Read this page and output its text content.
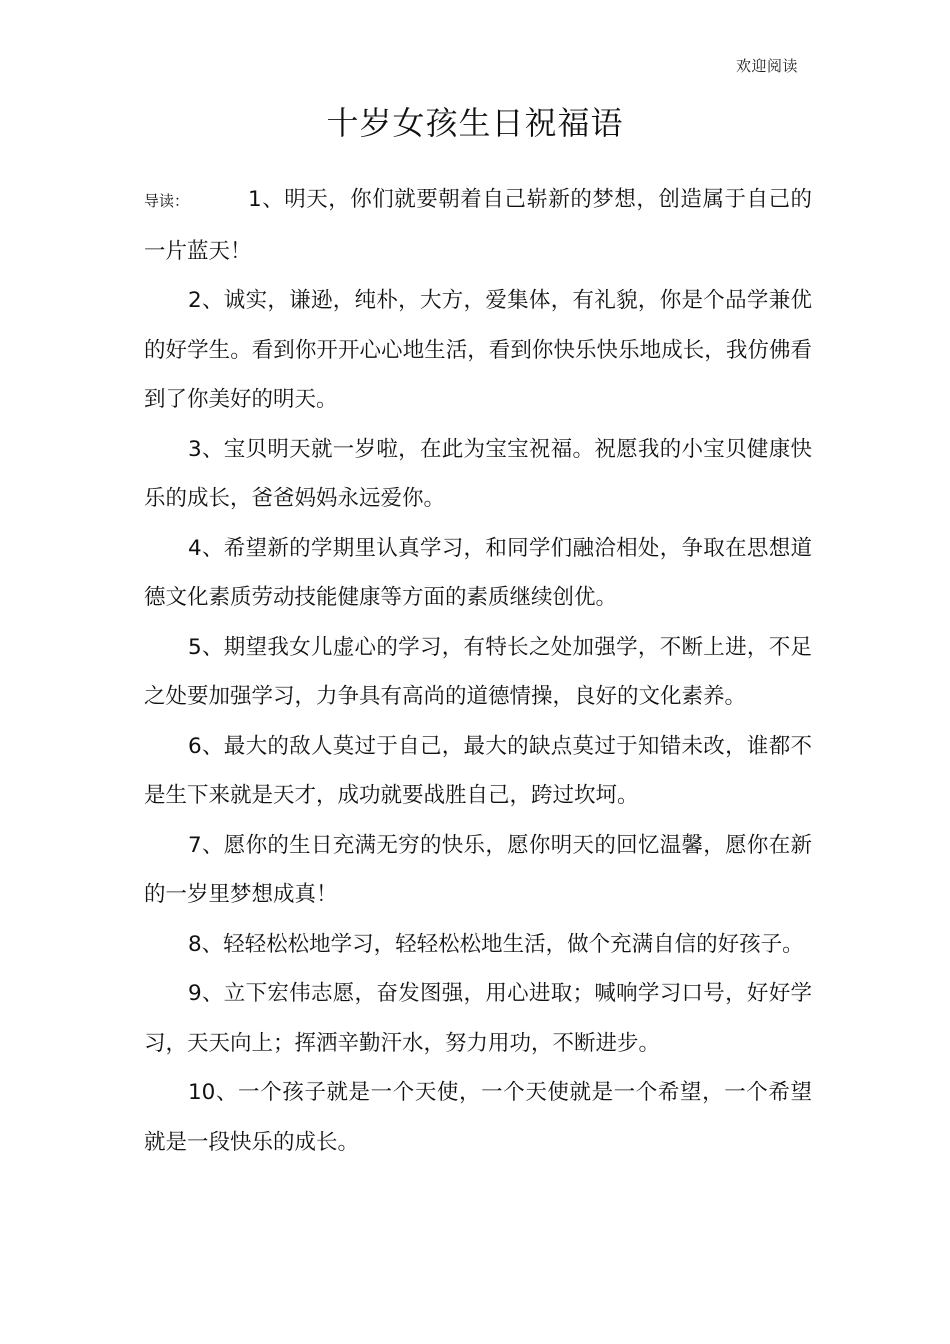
欢迎阅读
十岁女孩生日祝福语

导读：	1、明天，你们就要朝着自己崭新的梦想，创造属于自己的一片蓝天！

2、诚实，谦逊，纯朴，大方，爱集体，有礼貌，你是个品学兼优的好学生。看到你开开心心地生活，看到你快乐快乐地成长，我仿佛看到了你美好的明天。

3、宝贝明天就一岁啦，在此为宝宝祝福。祝愿我的小宝贝健康快乐的成长，爸爸妈妈永远爱你。

4、希望新的学期里认真学习，和同学们融洽相处，争取在思想道德文化素质劳动技能健康等方面的素质继续创优。

5、期望我女儿虚心的学习，有特长之处加强学，不断上进，不足之处要加强学习，力争具有高尚的道德情操，良好的文化素养。

6、最大的敌人莫过于自己，最大的缺点莫过于知错未改，谁都不是生下来就是天才，成功就要战胜自己，跨过坎坷。

7、愿你的生日充满无穷的快乐，愿你明天的回忆温馨，愿你在新的一岁里梦想成真！

8、轻轻松松地学习，轻轻松松地生活，做个充满自信的好孩子。

9、立下宏伟志愿，奋发图强，用心进取；喊响学习口号，好好学习，天天向上；挥洒辛勤汗水，努力用功，不断进步。

10、一个孩子就是一个天使，一个天使就是一个希望，一个希望就是一段快乐的成长。
